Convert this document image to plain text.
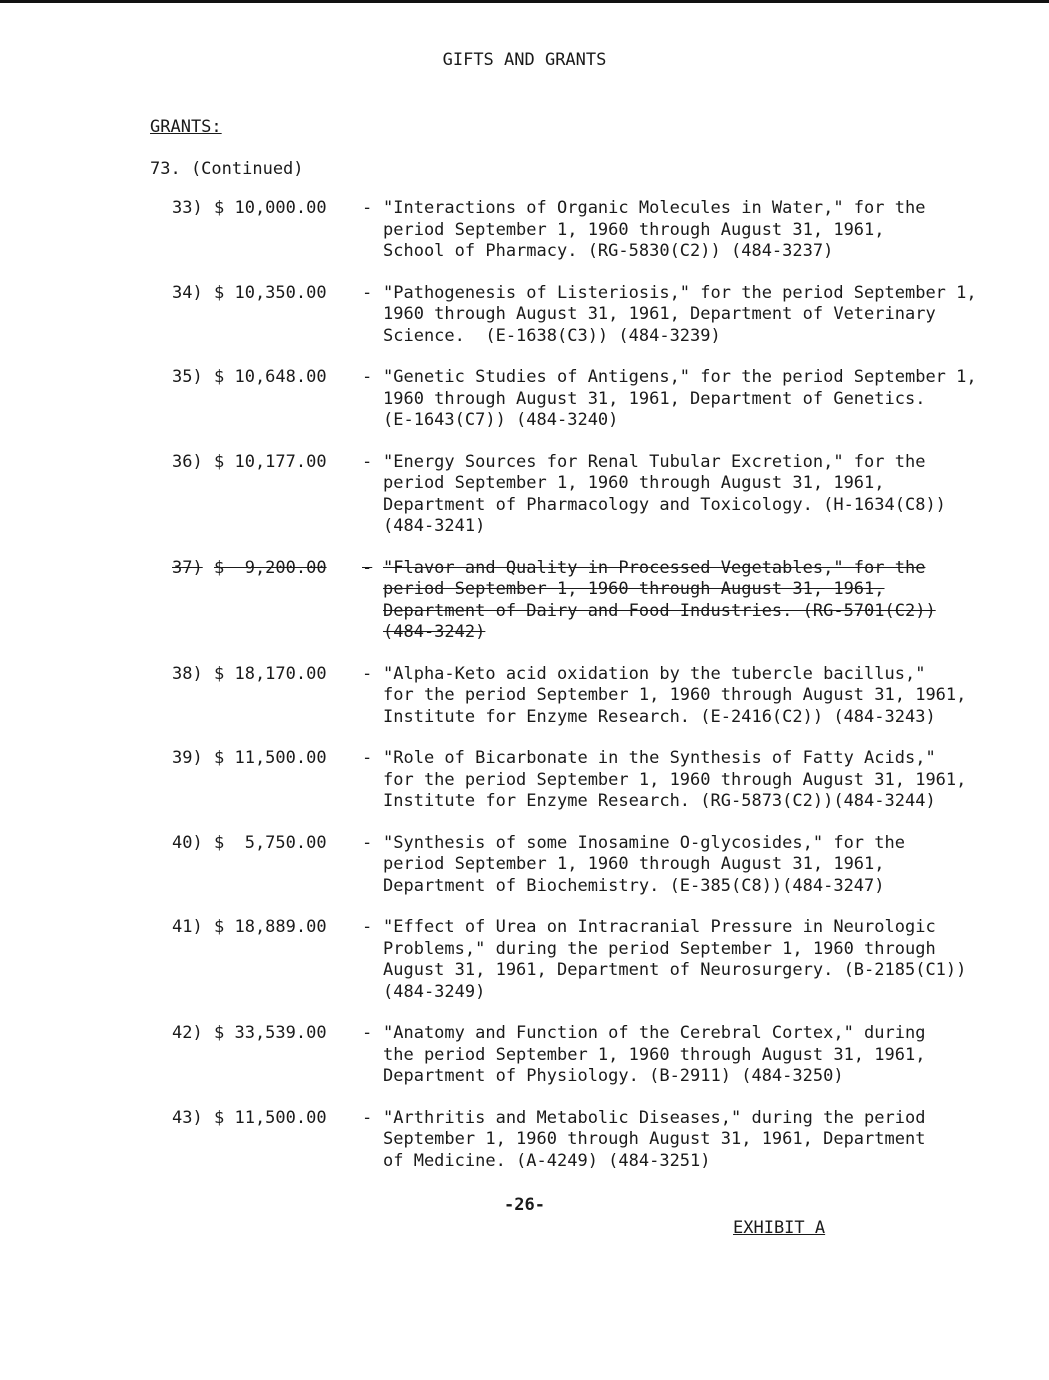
GIFTS AND GRANTS
GRANTS:
73. (Continued)
33) $ 10,000.00	- "Interactions of Organic Molecules in Water," for the
period September 1, 1960 through August 31, 1961,
School of Pharmacy. (RG-5830(C2)) (484-3237)
34) $ 10,350.00	- "Pathogenesis of Listeriosis," for the period September 1,
1960 through August 31, 1961, Department of Veterinary
Science.  (E-1638(C3)) (484-3239)
35) $ 10,648.00	- "Genetic Studies of Antigens," for the period September 1,
1960 through August 31, 1961, Department of Genetics.
(E-1643(C7)) (484-3240)
36) $ 10,177.00	- "Energy Sources for Renal Tubular Excretion," for the
period September 1, 1960 through August 31, 1961,
Department of Pharmacology and Toxicology. (H-1634(C8))
(484-3241)
37) $  9,200.00	- "Flavor and Quality in Processed Vegetables," for the
period September 1, 1960 through August 31, 1961,
Department of Dairy and Food Industries. (RG-5701(C2))
(484-3242)
38) $ 18,170.00	- "Alpha-Keto acid oxidation by the tubercle bacillus,"
for the period September 1, 1960 through August 31, 1961,
Institute for Enzyme Research. (E-2416(C2)) (484-3243)
39) $ 11,500.00	- "Role of Bicarbonate in the Synthesis of Fatty Acids,"
for the period September 1, 1960 through August 31, 1961,
Institute for Enzyme Research. (RG-5873(C2))(484-3244)
40) $  5,750.00	- "Synthesis of some Inosamine O-glycosides," for the
period September 1, 1960 through August 31, 1961,
Department of Biochemistry. (E-385(C8))(484-3247)
41) $ 18,889.00	- "Effect of Urea on Intracranial Pressure in Neurologic
Problems," during the period September 1, 1960 through
August 31, 1961, Department of Neurosurgery. (B-2185(C1))
(484-3249)
42) $ 33,539.00	- "Anatomy and Function of the Cerebral Cortex," during
the period September 1, 1960 through August 31, 1961,
Department of Physiology. (B-2911) (484-3250)
43) $ 11,500.00	- "Arthritis and Metabolic Diseases," during the period
September 1, 1960 through August 31, 1961, Department
of Medicine. (A-4249) (484-3251)
-26-
EXHIBIT A
